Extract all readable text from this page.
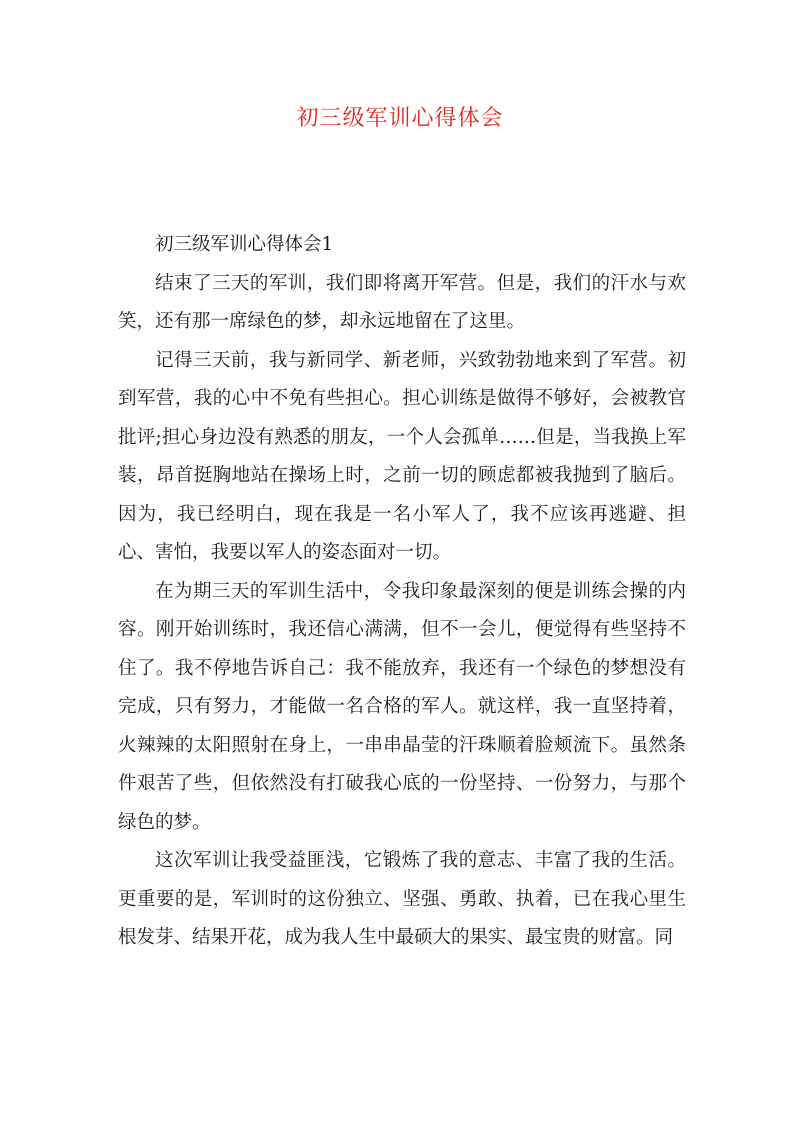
初三级军训心得体会

初三级军训心得体会1

结束了三天的军训，我们即将离开军营。但是，我们的汗水与欢笑，还有那一席绿色的梦，却永远地留在了这里。

记得三天前，我与新同学、新老师，兴致勃勃地来到了军营。初到军营，我的心中不免有些担心。担心训练是做得不够好，会被教官批评;担心身边没有熟悉的朋友，一个人会孤单……但是，当我换上军装，昂首挺胸地站在操场上时，之前一切的顾虑都被我抛到了脑后。因为，我已经明白，现在我是一名小军人了，我不应该再逃避、担心、害怕，我要以军人的姿态面对一切。

在为期三天的军训生活中，令我印象最深刻的便是训练会操的内容。刚开始训练时，我还信心满满，但不一会儿，便觉得有些坚持不住了。我不停地告诉自己：我不能放弃，我还有一个绿色的梦想没有完成，只有努力，才能做一名合格的军人。就这样，我一直坚持着，火辣辣的太阳照射在身上，一串串晶莹的汗珠顺着脸颊流下。虽然条件艰苦了些，但依然没有打破我心底的一份坚持、一份努力，与那个绿色的梦。

这次军训让我受益匪浅，它锻炼了我的意志、丰富了我的生活。更重要的是，军训时的这份独立、坚强、勇敢、执着，已在我心里生根发芽、结果开花，成为我人生中最硕大的果实、最宝贵的财富。同
